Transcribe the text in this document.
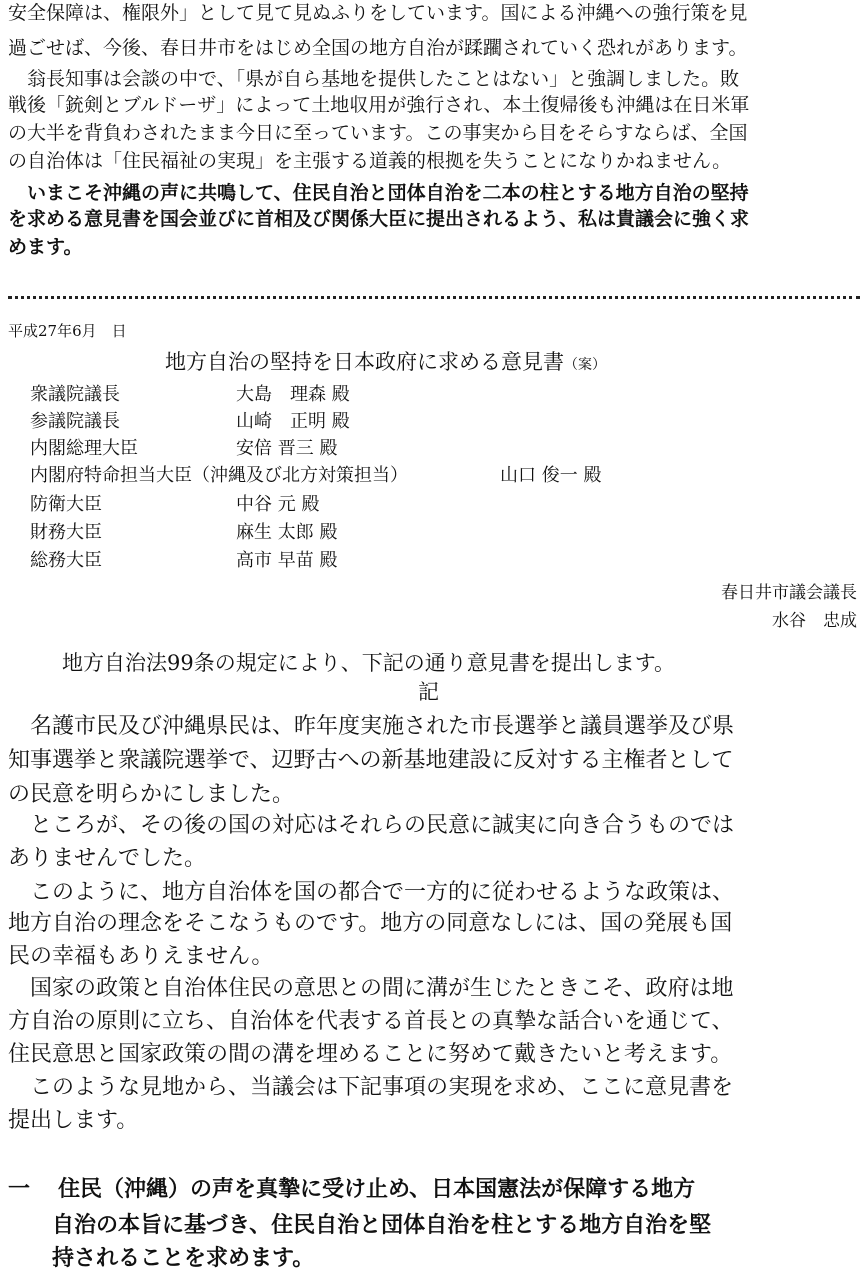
安全保障は、権限外」として見て見ぬふりをしています。国による沖縄への強行策を見
過ごせば、今後、春日井市をはじめ全国の地方自治が蹂躙されていく恐れがあります。
　翁長知事は会談の中で、「県が自ら基地を提供したことはない」と強調しました。敗
戦後「銃剣とブルドーザ」によって土地収用が強行され、本土復帰後も沖縄は在日米軍
の大半を背負わされたまま今日に至っています。この事実から目をそらすならば、全国
の自治体は「住民福祉の実現」を主張する道義的根拠を失うことになりかねません。
　いまこそ沖縄の声に共鳴して、住民自治と団体自治を二本の柱とする地方自治の堅持
を求める意見書を国会並びに首相及び関係大臣に提出されるよう、私は貴議会に強く求
めます。
平成27年6月　日
地方自治の堅持を日本政府に求める意見書（案）
衆議院議長	大島　理森 殿
参議院議長	山崎　正明 殿
内閣総理大臣	安倍 晋三 殿
内閣府特命担当大臣（沖縄及び北方対策担当）	山口 俊一 殿
防衛大臣	中谷 元 殿
財務大臣	麻生 太郎 殿
総務大臣	高市 早苗 殿
春日井市議会議長
水谷　忠成
地方自治法99条の規定により、下記の通り意見書を提出します。
記
　名護市民及び沖縄県民は、昨年度実施された市長選挙と議員選挙及び県
知事選挙と衆議院選挙で、辺野古への新基地建設に反対する主権者として
の民意を明らかにしました。
　ところが、その後の国の対応はそれらの民意に誠実に向き合うものでは
ありませんでした。
　このように、地方自治体を国の都合で一方的に従わせるような政策は、
地方自治の理念をそこなうものです。地方の同意なしには、国の発展も国
民の幸福もありえません。
　国家の政策と自治体住民の意思との間に溝が生じたときこそ、政府は地
方自治の原則に立ち、自治体を代表する首長との真摯な話合いを通じて、
住民意思と国家政策の間の溝を埋めることに努めて戴きたいと考えます。
　このような見地から、当議会は下記事項の実現を求め、ここに意見書を
提出します。
一 住民（沖縄）の声を真摯に受け止め、日本国憲法が保障する地方
自治の本旨に基づき、住民自治と団体自治を柱とする地方自治を堅
持されることを求めます。
